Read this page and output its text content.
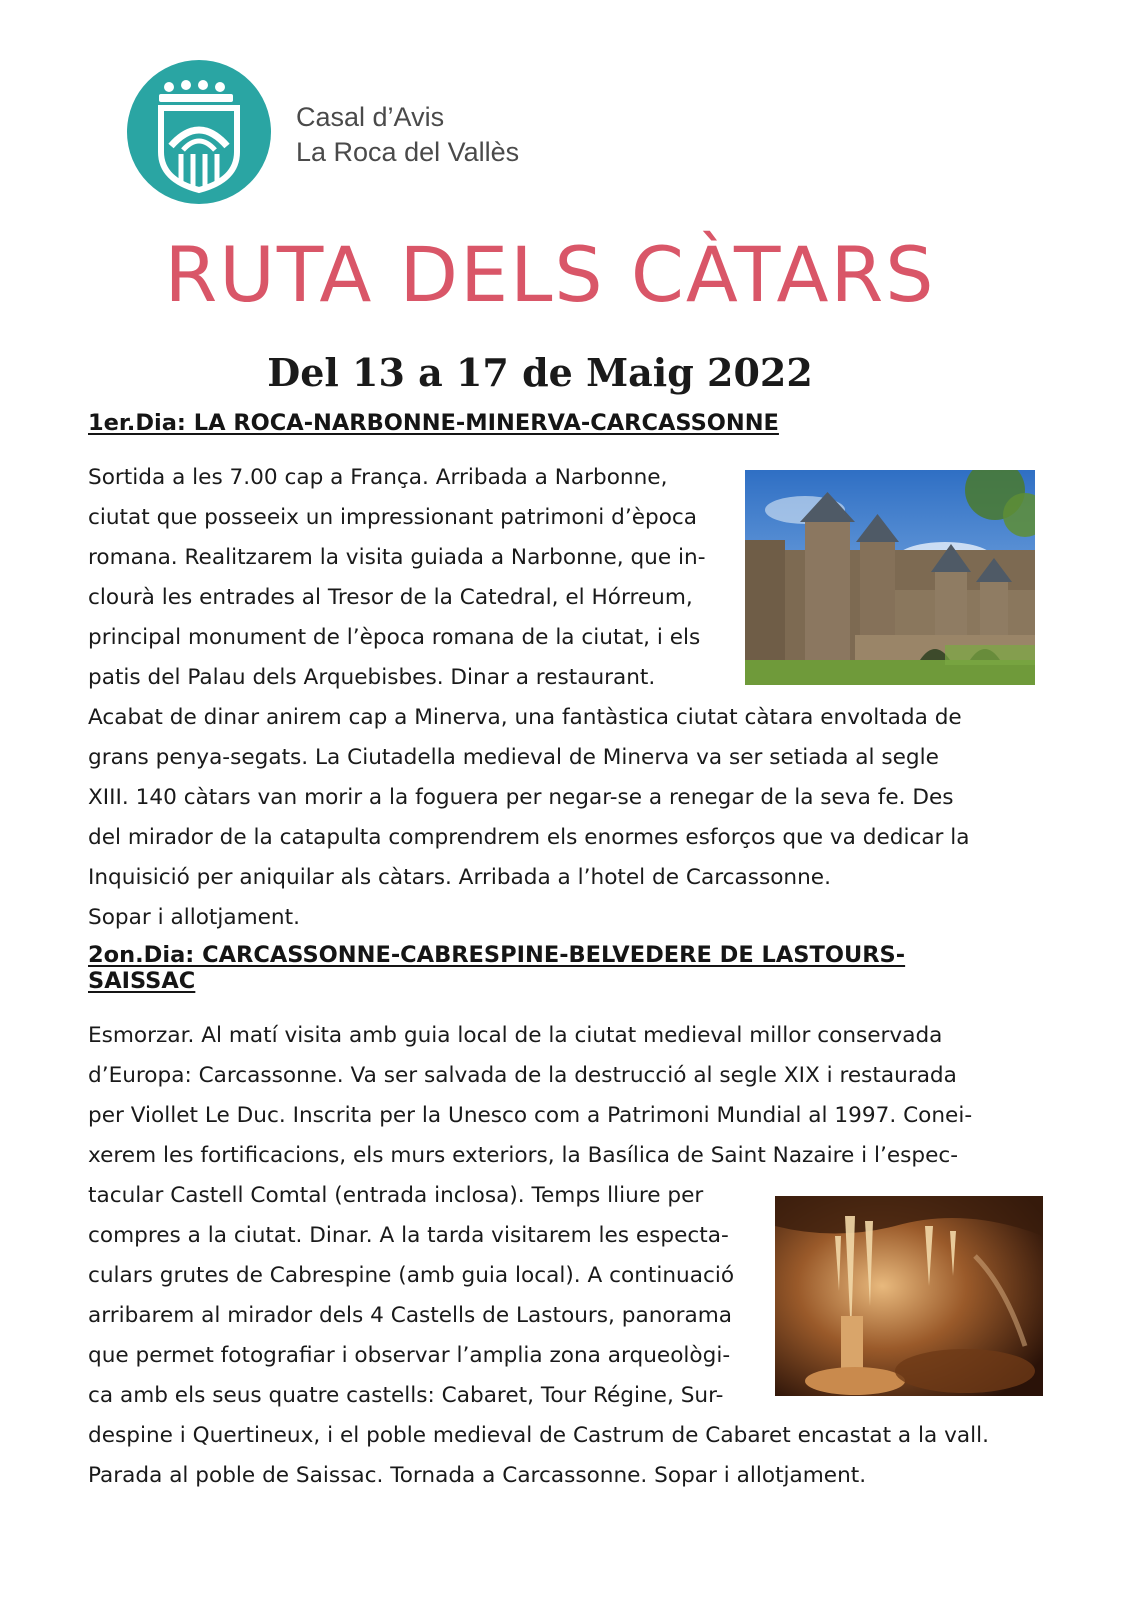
Casal d’Avis
La Roca del Vallès
RUTA DELS CÀTARS
Del 13 a 17 de Maig 2022
1er.Dia: LA ROCA-NARBONNE-MINERVA-CARCASSONNE
Sortida a les 7.00 cap a França. Arribada a Narbonne,
ciutat que posseeix un impressionant patrimoni d’època
romana. Realitzarem la visita guiada a Narbonne, que in-
clourà les entrades al Tresor de la Catedral, el Hórreum,
principal monument de l’època romana de la ciutat, i els
patis del Palau dels Arquebisbes. Dinar a restaurant.
Acabat de dinar anirem cap a Minerva, una fantàstica ciutat càtara envoltada de
grans penya-segats. La Ciutadella medieval de Minerva va ser setiada al segle
XIII. 140 càtars van morir a la foguera per negar-se a renegar de la seva fe. Des
del mirador de la catapulta comprendrem els enormes esforços que va dedicar la
Inquisició per aniquilar als càtars. Arribada a l’hotel de Carcassonne.
Sopar i allotjament.
2on.Dia: CARCASSONNE-CABRESPINE-BELVEDERE DE LASTOURS-
SAISSAC
Esmorzar. Al matí visita amb guia local de la ciutat medieval millor conservada
d’Europa: Carcassonne. Va ser salvada de la destrucció al segle XIX i restaurada
per Viollet Le Duc. Inscrita per la Unesco com a Patrimoni Mundial al 1997. Conei-
xerem les fortificacions, els murs exteriors, la Basílica de Saint Nazaire i l’espec-
tacular Castell Comtal (entrada inclosa). Temps lliure per
compres a la ciutat. Dinar. A la tarda visitarem les especta-
culars grutes de Cabrespine (amb guia local). A continuació
arribarem al mirador dels 4 Castells de Lastours, panorama
que permet fotografiar i observar l’amplia zona arqueològi-
ca amb els seus quatre castells: Cabaret, Tour Régine, Sur-
despine i Quertineux, i el poble medieval de Castrum de Cabaret encastat a la vall.
Parada al poble de Saissac. Tornada a Carcassonne. Sopar i allotjament.
